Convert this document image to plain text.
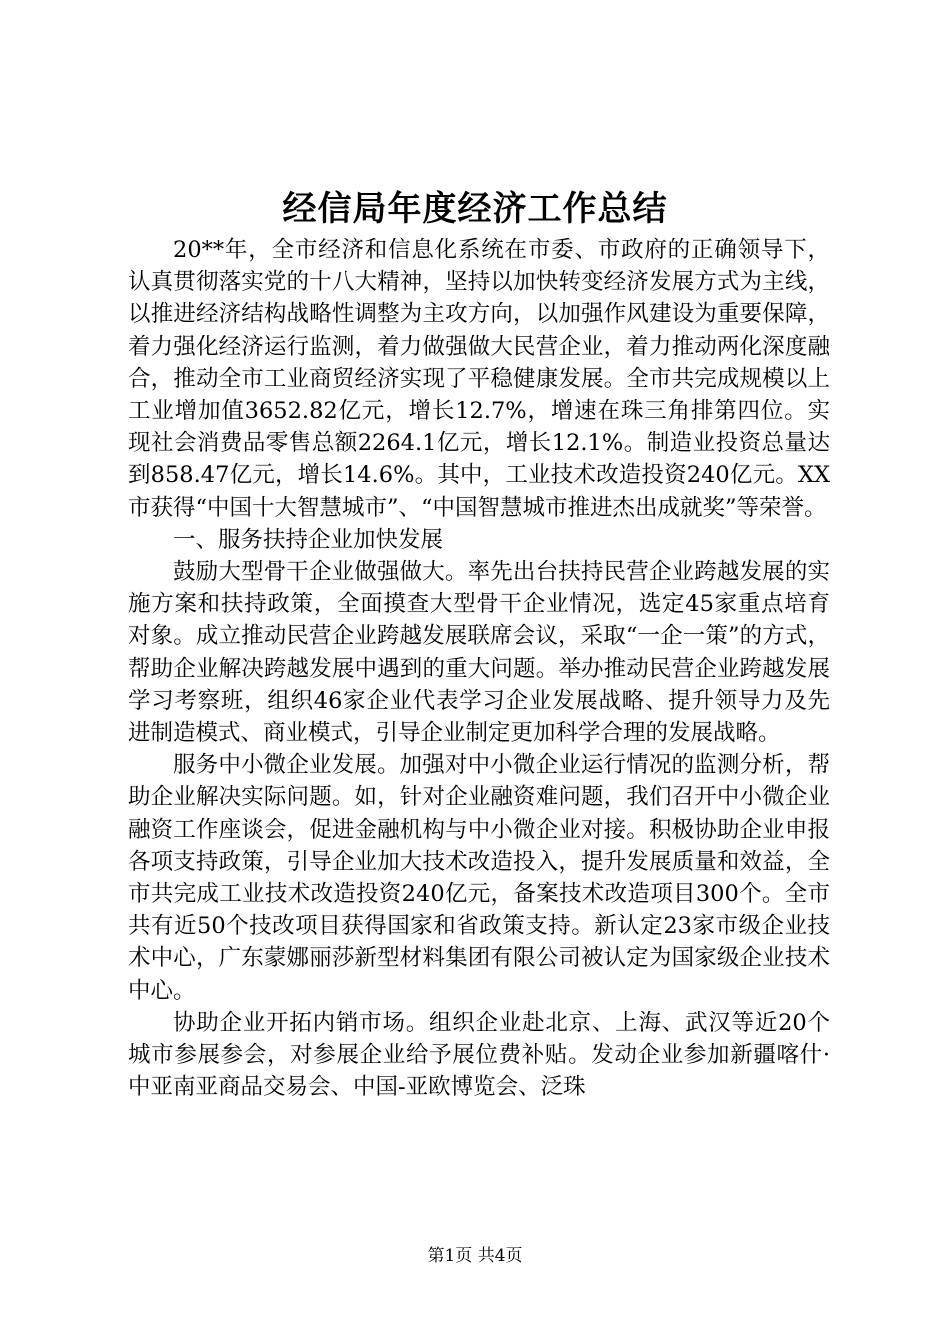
经信局年度经济工作总结

20**年，全市经济和信息化系统在市委、市政府的正确领导下，认真贯彻落实党的十八大精神，坚持以加快转变经济发展方式为主线，以推进经济结构战略性调整为主攻方向，以加强作风建设为重要保障，着力强化经济运行监测，着力做强做大民营企业，着力推动两化深度融合，推动全市工业商贸经济实现了平稳健康发展。全市共完成规模以上工业增加值3652.82亿元，增长12.7%，增速在珠三角排第四位。实现社会消费品零售总额2264.1亿元，增长12.1%。制造业投资总量达到858.47亿元，增长14.6%。其中，工业技术改造投资240亿元。XX市获得“中国十大智慧城市”、“中国智慧城市推进杰出成就奖”等荣誉。

一、服务扶持企业加快发展

鼓励大型骨干企业做强做大。率先出台扶持民营企业跨越发展的实施方案和扶持政策，全面摸查大型骨干企业情况，选定45家重点培育对象。成立推动民营企业跨越发展联席会议，采取“一企一策”的方式，帮助企业解决跨越发展中遇到的重大问题。举办推动民营企业跨越发展学习考察班，组织46家企业代表学习企业发展战略、提升领导力及先进制造模式、商业模式，引导企业制定更加科学合理的发展战略。

服务中小微企业发展。加强对中小微企业运行情况的监测分析，帮助企业解决实际问题。如，针对企业融资难问题，我们召开中小微企业融资工作座谈会，促进金融机构与中小微企业对接。积极协助企业申报各项支持政策，引导企业加大技术改造投入，提升发展质量和效益，全市共完成工业技术改造投资240亿元，备案技术改造项目300个。全市共有近50个技改项目获得国家和省政策支持。新认定23家市级企业技术中心，广东蒙娜丽莎新型材料集团有限公司被认定为国家级企业技术中心。

协助企业开拓内销市场。组织企业赴北京、上海、武汉等近20个城市参展参会，对参展企业给予展位费补贴。发动企业参加新疆喀什·中亚南亚商品交易会、中国-亚欧博览会、泛珠

第1页 共4页
